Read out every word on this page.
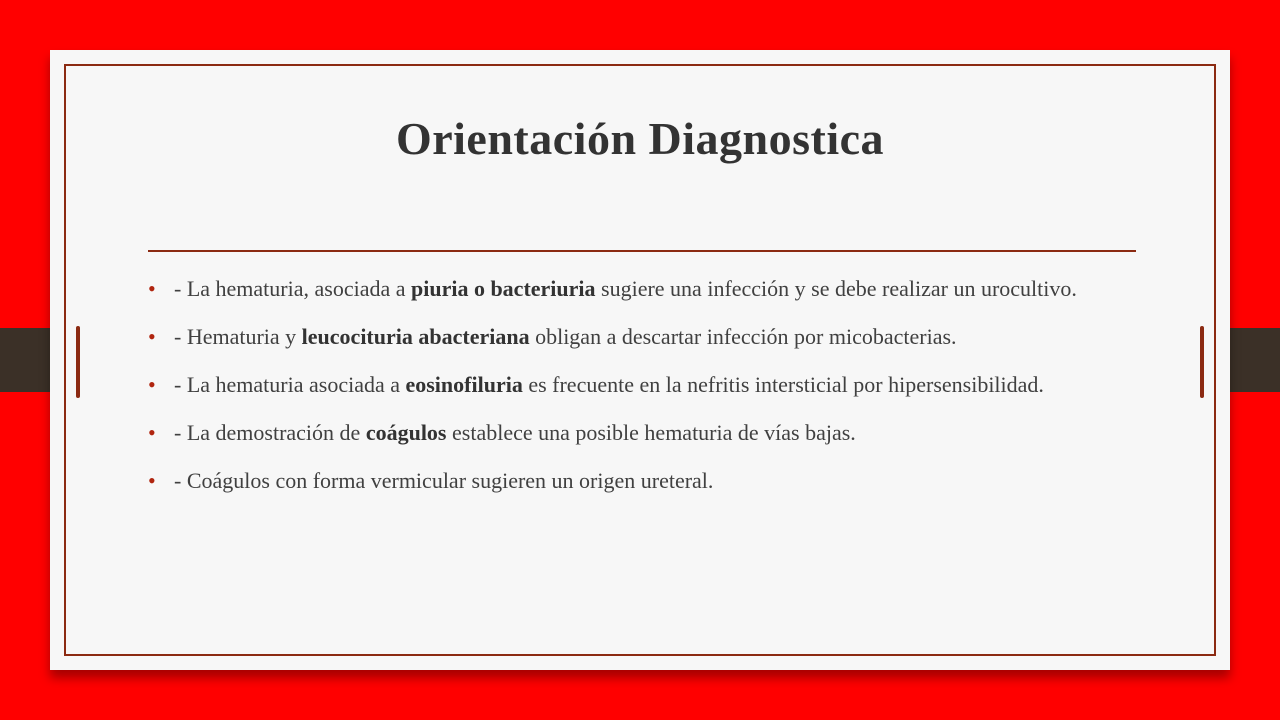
Orientación Diagnostica
• - La hematuria, asociada a piuria o bacteriuria sugiere una infección y se debe realizar un urocultivo.
• - Hematuria y leucocituria abacteriana obligan a descartar infección por micobacterias.
• - La hematuria asociada a eosinofiluria es frecuente en la nefritis intersticial por hipersensibilidad.
• - La demostración de coágulos establece una posible hematuria de vías bajas.
• - Coágulos con forma vermicular sugieren un origen ureteral.
